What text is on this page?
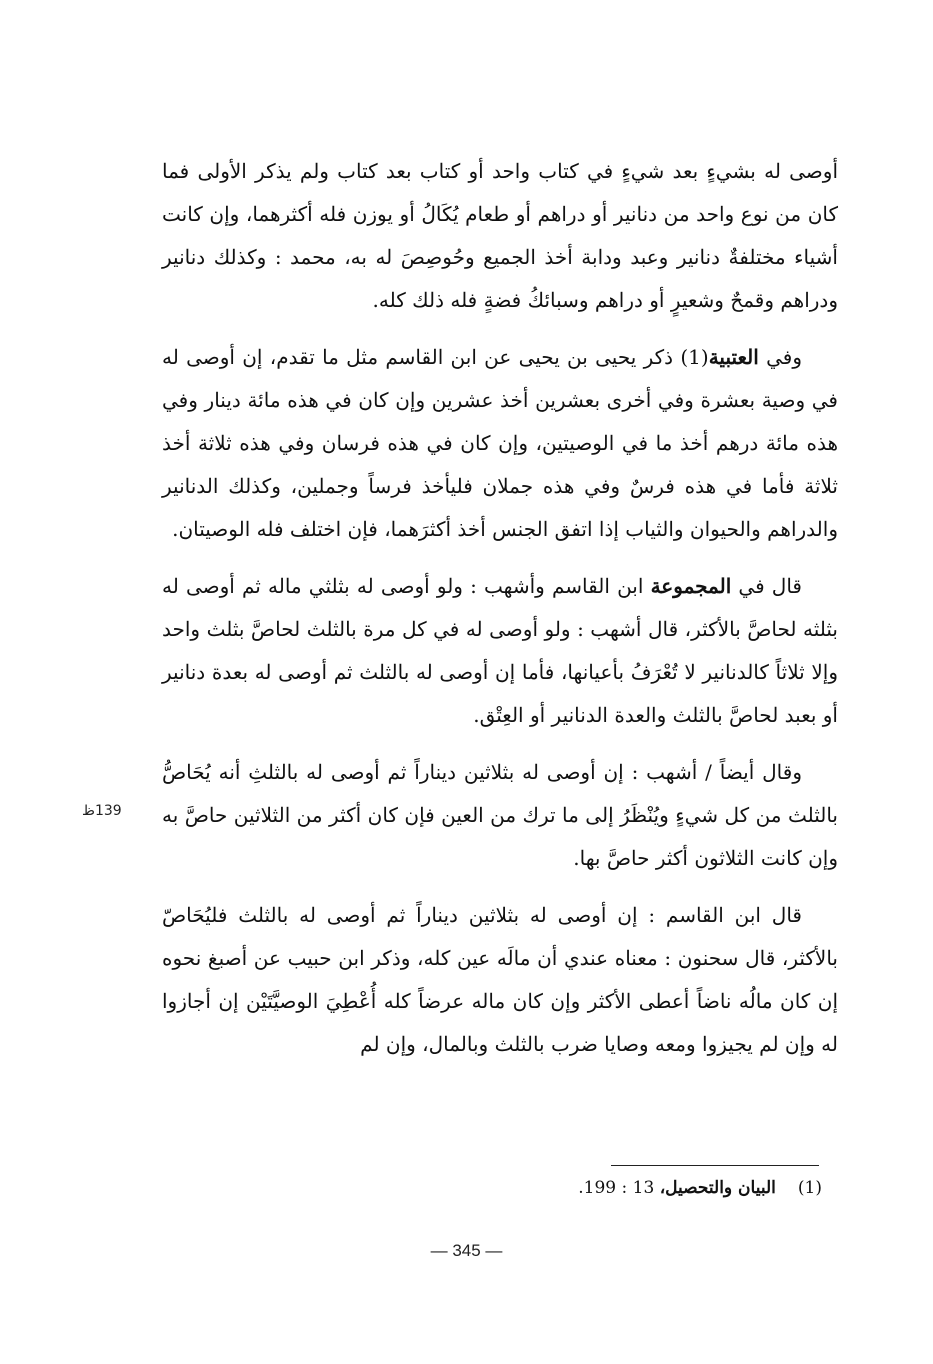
أوصى له بشيءٍ بعد شيءٍ في كتاب واحد أو كتاب بعد كتاب ولم يذكر الأولى فما كان من نوع واحد من دنانير أو دراهم أو طعام يُكَالُ أو يوزن فله أكثرهما، وإن كانت أشياء مختلفةٌ دنانير وعبد ودابة أخذ الجميع وحُوصِصَ له به، محمد : وكذلك دنانير ودراهم وقمحٌ وشعيرٍ أو دراهم وسبائكُ فضةٍ فله ذلك كله.

وفي العتبية(1) ذكر يحيى بن يحيى عن ابن القاسم مثل ما تقدم، إن أوصى له في وصية بعشرة وفي أخرى بعشرين أخذ عشرين وإن كان في هذه مائة دينار وفي هذه مائة درهم أخذ ما في الوصيتين، وإن كان في هذه فرسان وفي هذه ثلاثة أخذ ثلاثة فأما في هذه فرسٌ وفي هذه جملان فليأخذ فرساً وجملين، وكذلك الدنانير والدراهم والحيوان والثياب إذا اتفق الجنس أخذ أكثرَهما، فإن اختلف فله الوصيتان.

قال في المجموعة ابن القاسم وأشهب : ولو أوصى له بثلثي ماله ثم أوصى له بثلثه لحاصَّ بالأكثر، قال أشهب : ولو أوصى له في كل مرة بالثلث لحاصَّ بثلث واحد وإلا ثلاثاً كالدنانير لا تُعْرَفُ بأعيانها، فأما إن أوصى له بالثلث ثم أوصى له بعدة دنانير أو بعبد لحاصَّ بالثلث والعدة الدنانير أو العِتْق.

وقال أيضاً / أشهب : إن أوصى له بثلاثين ديناراً ثم أوصى له بالثلثِ أنه يُحَاصُّ بالثلث من كل شيءٍ ويُنْظَرُ إلى ما ترك من العين فإن كان أكثر من الثلاثين حاصَّ به وإن كانت الثلاثون أكثر حاصَّ بها.

قال ابن القاسم : إن أوصى له بثلاثين ديناراً ثم أوصى له بالثلث فليُحَاصّ بالأكثر، قال سحنون : معناه عندي أن مالَه عين كله، وذكر ابن حبيب عن أصبغ نحوه إن كان مالُه ناضاً أعطى الأكثر وإن كان ماله عرضاً كله أُعْطِيَ الوصيَّتَيْن إن أجازوا له وإن لم يجيزوا ومعه وصايا ضرب بالثلث وبالمال، وإن لم

139ظ
(1)البيان والتحصيل، 13 : 199.
— 345 —
